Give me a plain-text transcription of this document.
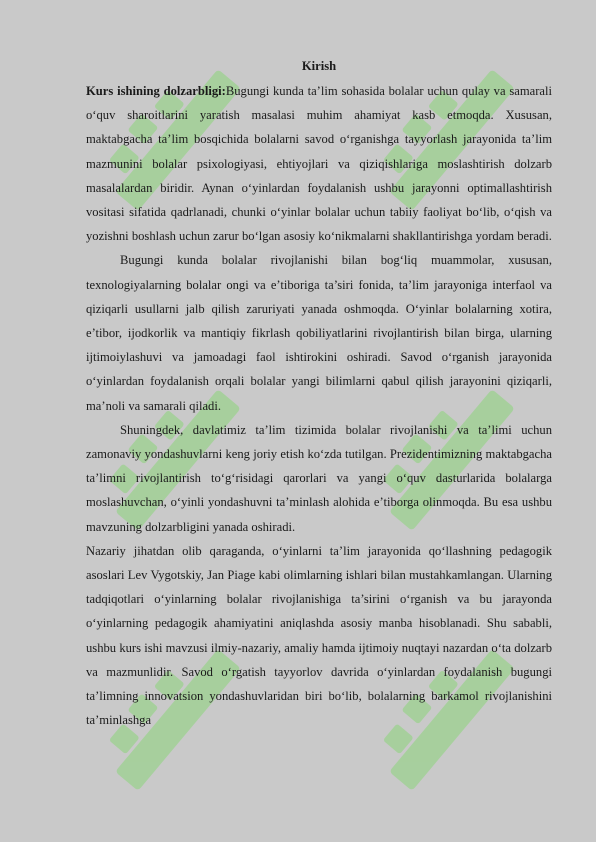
Kirish

Kurs ishining dolzarbligi:Bugungi kunda ta’lim sohasida bolalar uchun qulay va samarali o‘quv sharoitlarini yaratish masalasi muhim ahamiyat kasb etmoqda. Xususan, maktabgacha ta’lim bosqichida bolalarni savod o‘rganishga tayyorlash jarayonida ta’lim mazmunini bolalar psixologiyasi, ehtiyojlari va qiziqishlariga moslashtirish dolzarb masalalardan biridir. Aynan o‘yinlardan foydalanish ushbu jarayonni optimallashtirish vositasi sifatida qadrlanadi, chunki o‘yinlar bolalar uchun tabiiy faoliyat bo‘lib, o‘qish va yozishni boshlash uchun zarur bo‘lgan asosiy ko‘nikmalarni shakllantirishga yordam beradi.

Bugungi kunda bolalar rivojlanishi bilan bog‘liq muammolar, xususan, texnologiyalarning bolalar ongi va e’tiboriga ta’siri fonida, ta’lim jarayoniga interfaol va qiziqarli usullarni jalb qilish zaruriyati yanada oshmoqda. O‘yinlar bolalarning xotira, e’tibor, ijodkorlik va mantiqiy fikrlash qobiliyatlarini rivojlantirish bilan birga, ularning ijtimoiylashuvi va jamoadagi faol ishtirokini oshiradi. Savod o‘rganish jarayonida o‘yinlardan foydalanish orqali bolalar yangi bilimlarni qabul qilish jarayonini qiziqarli, ma’noli va samarali qiladi.

Shuningdek, davlatimiz ta’lim tizimida bolalar rivojlanishi va ta’limi uchun zamonaviy yondashuvlarni keng joriy etish ko‘zda tutilgan. Prezidentimizning maktabgacha ta’limni rivojlantirish to‘g‘risidagi qarorlari va yangi o‘quv dasturlarida bolalarga moslashuvchan, o‘yinli yondashuvni ta’minlash alohida e’tiborga olinmoqda. Bu esa ushbu mavzuning dolzarbligini yanada oshiradi.

Nazariy jihatdan olib qaraganda, o‘yinlarni ta’lim jarayonida qo‘llashning pedagogik asoslari Lev Vygotskiy, Jan Piage kabi olimlarning ishlari bilan mustahkamlangan. Ularning tadqiqotlari o‘yinlarning bolalar rivojlanishiga ta’sirini o‘rganish va bu jarayonda o‘yinlarning pedagogik ahamiyatini aniqlashda asosiy manba hisoblanadi. Shu sababli, ushbu kurs ishi mavzusi ilmiy-nazariy, amaliy hamda ijtimoiy nuqtayi nazardan o‘ta dolzarb va mazmunlidir. Savod o‘rgatish tayyorlov davrida o‘yinlardan foydalanish bugungi ta’limning innovatsion yondashuvlaridan biri bo‘lib, bolalarning barkamol rivojlanishini ta’minlashga
